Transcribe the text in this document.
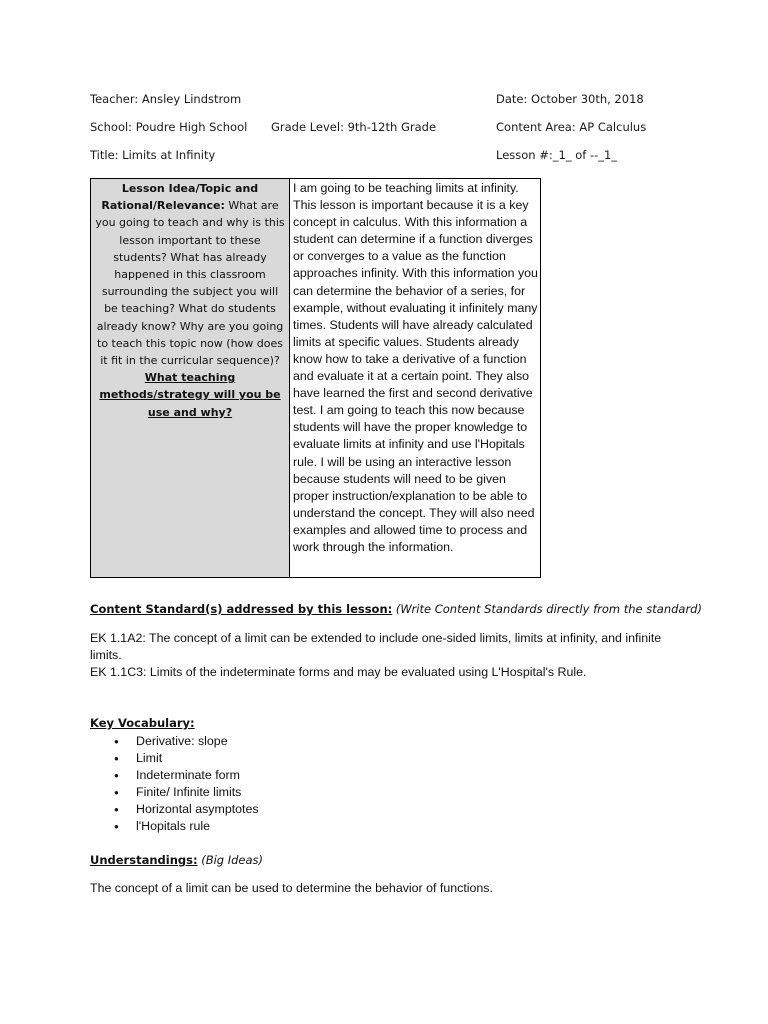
Teacher: Ansley Lindstrom	Date: October 30th, 2018
School: Poudre High School Grade Level: 9th-12th Grade	Content Area: AP Calculus
Title: Limits at Infinity	Lesson #:_1_ of --_1_
Lesson Idea/Topic and Rational/Relevance: What are you going to teach and why is this lesson important to these students? What has already happened in this classroom surrounding the subject you will be teaching? What do students already know? Why are you going to teach this topic now (how does it fit in the curricular sequence)? What teaching methods/strategy will you be use and why?
I am going to be teaching limits at infinity. This lesson is important because it is a key concept in calculus. With this information a student can determine if a function diverges or converges to a value as the function approaches infinity. With this information you can determine the behavior of a series, for example, without evaluating it infinitely many times. Students will have already calculated limits at specific values. Students already know how to take a derivative of a function and evaluate it at a certain point. They also have learned the first and second derivative test. I am going to teach this now because students will have the proper knowledge to evaluate limits at infinity and use l'Hopitals rule. I will be using an interactive lesson because students will need to be given proper instruction/explanation to be able to understand the concept. They will also need examples and allowed time to process and work through the information.
Content Standard(s) addressed by this lesson: (Write Content Standards directly from the standard)
EK 1.1A2: The concept of a limit can be extended to include one-sided limits, limits at infinity, and infinite limits.
EK 1.1C3: Limits of the indeterminate forms and may be evaluated using L'Hospital's Rule.
Key Vocabulary:
● Derivative: slope
● Limit
● Indeterminate form
● Finite/ Infinite limits
● Horizontal asymptotes
● l'Hopitals rule
Understandings: (Big Ideas)
The concept of a limit can be used to determine the behavior of functions.
